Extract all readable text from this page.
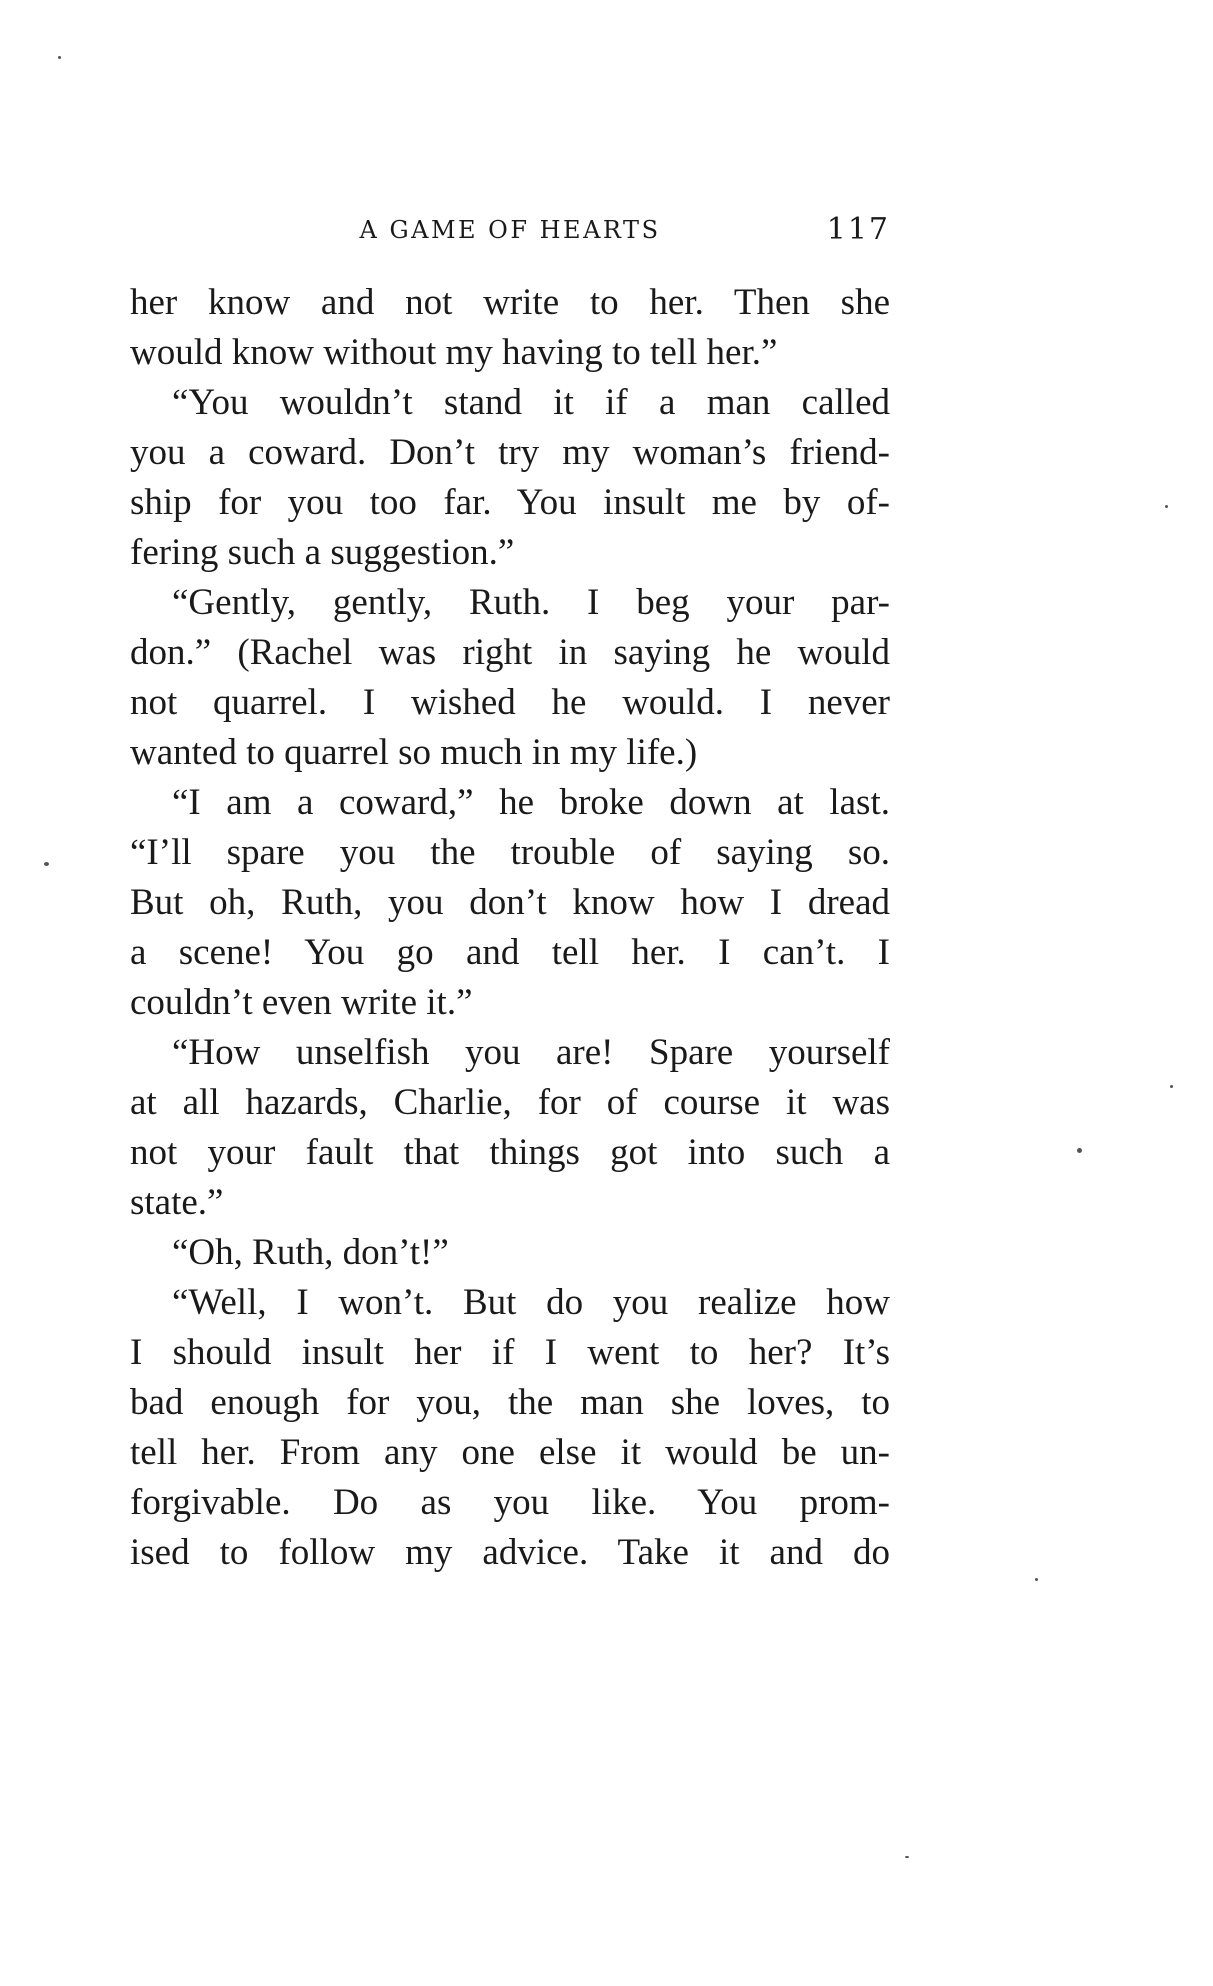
A GAME OF HEARTS	117
her know and not write to her. Then she
would know without my having to tell her.”
“You wouldn’t stand it if a man called
you a coward. Don’t try my woman’s friend-
ship for you too far. You insult me by of-
fering such a suggestion.”
“Gently, gently, Ruth. I beg your par-
don.” (Rachel was right in saying he would
not quarrel. I wished he would. I never
wanted to quarrel so much in my life.)
“I am a coward,” he broke down at last.
“I’ll spare you the trouble of saying so.
But oh, Ruth, you don’t know how I dread
a scene! You go and tell her. I can’t. I
couldn’t even write it.”
“How unselfish you are! Spare yourself
at all hazards, Charlie, for of course it was
not your fault that things got into such a
state.”
“Oh, Ruth, don’t!”
“Well, I won’t. But do you realize how
I should insult her if I went to her? It’s
bad enough for you, the man she loves, to
tell her. From any one else it would be un-
forgivable. Do as you like. You prom-
ised to follow my advice. Take it and do
